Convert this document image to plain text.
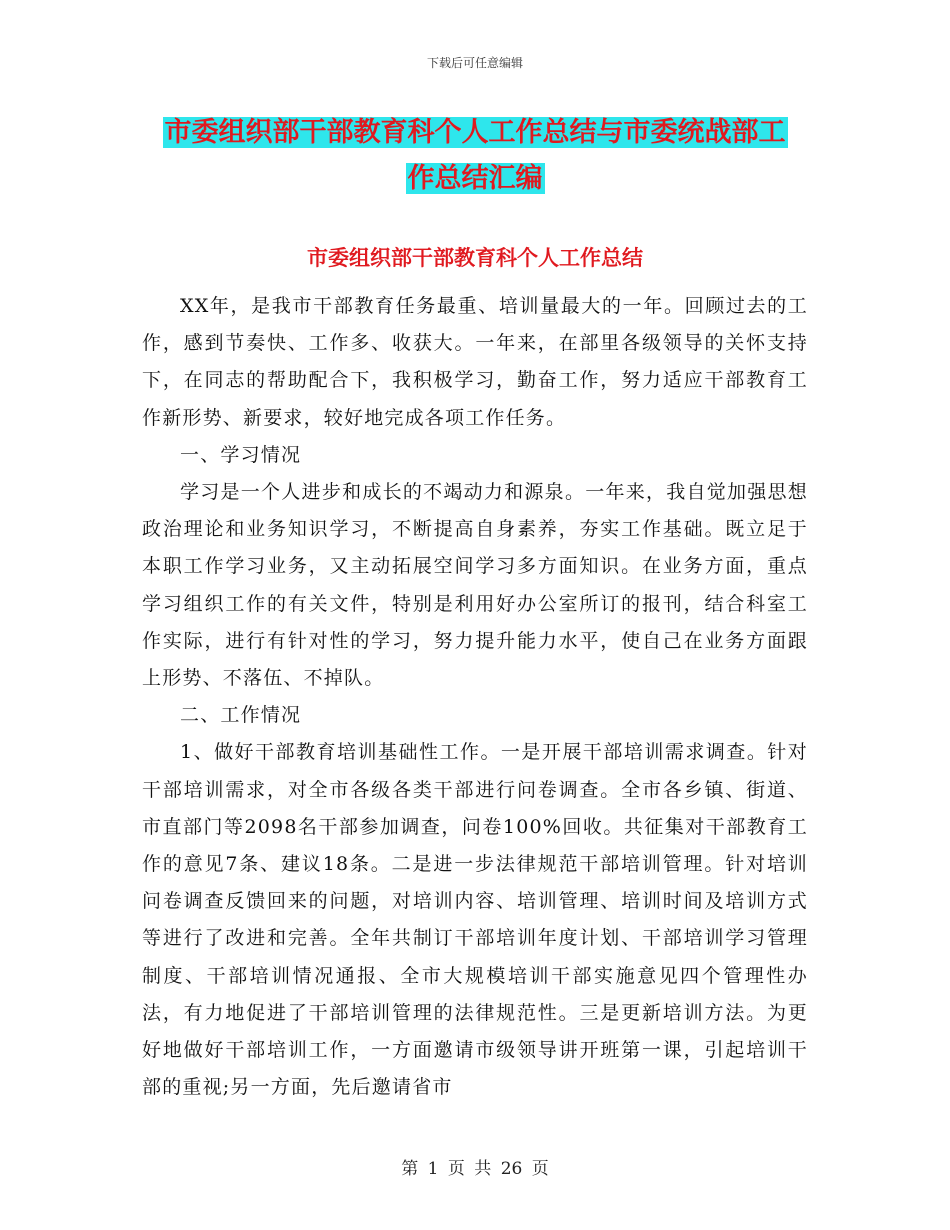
下载后可任意编辑
市委组织部干部教育科个人工作总结与市委统战部工
作总结汇编
市委组织部干部教育科个人工作总结

XX年，是我市干部教育任务最重、培训量最大的一年。回顾过去的工作，感到节奏快、工作多、收获大。一年来，在部里各级领导的关怀支持下，在同志的帮助配合下，我积极学习，勤奋工作，努力适应干部教育工作新形势、新要求，较好地完成各项工作任务。

一、学习情况

学习是一个人进步和成长的不竭动力和源泉。一年来，我自觉加强思想政治理论和业务知识学习，不断提高自身素养，夯实工作基础。既立足于本职工作学习业务，又主动拓展空间学习多方面知识。在业务方面，重点学习组织工作的有关文件，特别是利用好办公室所订的报刊，结合科室工作实际，进行有针对性的学习，努力提升能力水平，使自己在业务方面跟上形势、不落伍、不掉队。

二、工作情况

1、做好干部教育培训基础性工作。一是开展干部培训需求调查。针对干部培训需求，对全市各级各类干部进行问卷调查。全市各乡镇、街道、市直部门等2098名干部参加调查，问卷100%回收。共征集对干部教育工作的意见7条、建议18条。二是进一步法律规范干部培训管理。针对培训问卷调查反馈回来的问题，对培训内容、培训管理、培训时间及培训方式等进行了改进和完善。全年共制订干部培训年度计划、干部培训学习管理制度、干部培训情况通报、全市大规模培训干部实施意见四个管理性办法，有力地促进了干部培训管理的法律规范性。三是更新培训方法。为更好地做好干部培训工作，一方面邀请市级领导讲开班第一课，引起培训干部的重视;另一方面，先后邀请省市

第 1 页 共 26 页
